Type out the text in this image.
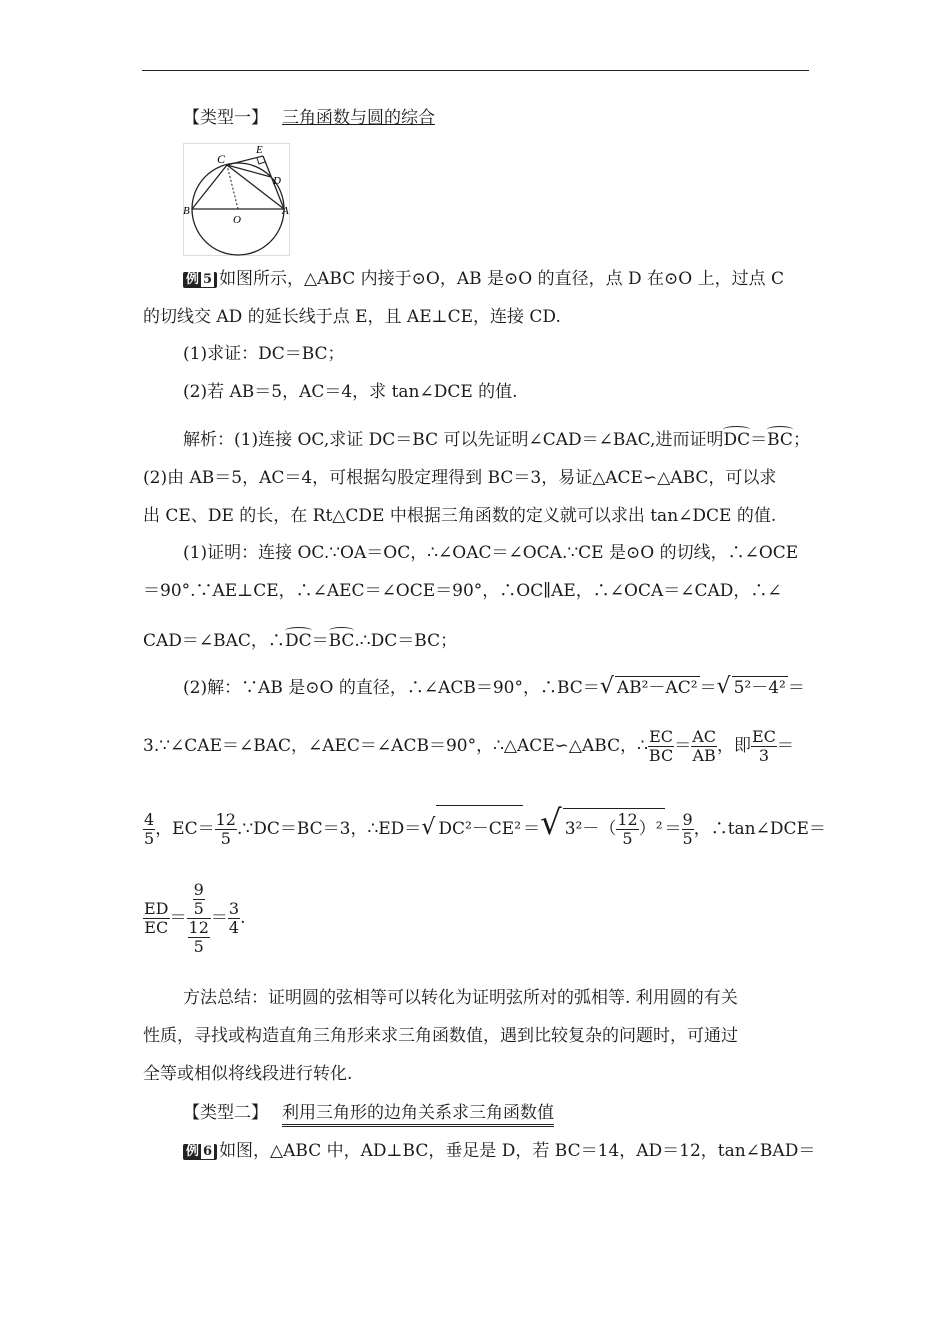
【类型一】 三角函数与圆的综合
C
E
D
B
O
A
例 5 如图所示，△ABC 内接于⊙O，AB 是⊙O 的直径，点 D 在⊙O 上，过点 C
的切线交 AD 的延长线于点 E，且 AE⊥CE，连接 CD.
(1)求证：DC＝BC；
(2)若 AB＝5，AC＝4，求 tan∠DCE 的值.
解析：(1)连接 OC,求证 DC＝BC 可以先证明∠CAD＝∠BAC,进而证明DC＝BC；
(2)由 AB＝5，AC＝4，可根据勾股定理得到 BC＝3，易证△ACE∽△ABC，可以求
出 CE、DE 的长，在 Rt△CDE 中根据三角函数的定义就可以求出 tan∠DCE 的值.
(1)证明：连接 OC.∵OA＝OC，∴∠OAC＝∠OCA.∵CE 是⊙O 的切线，∴∠OCE
＝90°.∵AE⊥CE，∴∠AEC＝∠OCE＝90°，∴OC∥AE，∴∠OCA＝∠CAD，∴∠
CAD＝∠BAC，∴DC＝BC.∴DC＝BC；
(2)解：∵AB 是⊙O 的直径，∴∠ACB＝90°，∴BC＝√ AB²－AC² ＝√ 5²－4² ＝
3.∵∠CAE＝∠BAC，∠AEC＝∠ACB＝90°，∴△ACE∽△ABC，∴ $\frac{EC}{BC} = \frac{AC}{AB}$ ，即 $\frac{EC}{3}$ ＝
$\frac{4}{5}$ ，$EC= \frac{12}{5}$ .∵DC＝BC＝3，∴ED＝√ DC²－CE² ＝√ $3^2-( \frac{12}{5} )^2 = \frac{9}{5}$ ，∴tan∠DCE＝
$\frac{ED}{EC} = \frac{\frac{9}{5}}{\frac{12}{5}} = \frac{3}{4}$ .
方法总结：证明圆的弦相等可以转化为证明弦所对的弧相等. 利用圆的有关
性质，寻找或构造直角三角形来求三角函数值，遇到比较复杂的问题时，可通过
全等或相似将线段进行转化.
【类型二】 利用三角形的边角关系求三角函数值
例 6 如图，△ABC 中，AD⊥BC，垂足是 D，若 BC＝14，AD＝12，tan∠BAD＝
